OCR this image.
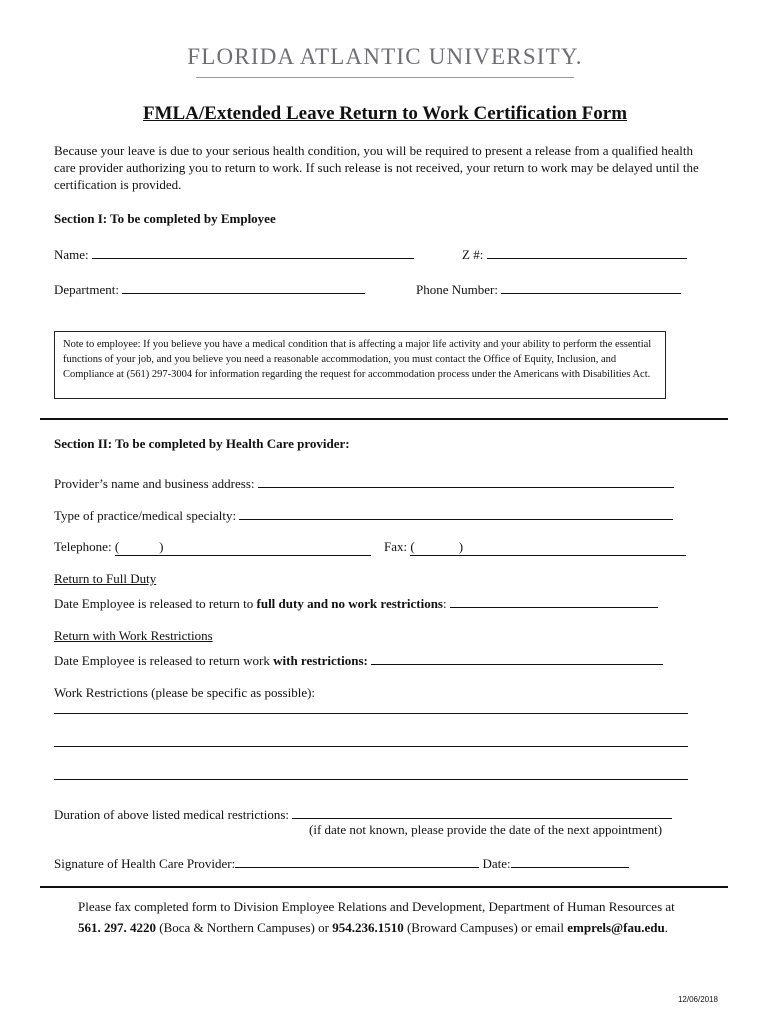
FLORIDA ATLANTIC UNIVERSITY.
FMLA/Extended Leave Return to Work Certification Form
Because your leave is due to your serious health condition, you will be required to present a release from a qualified health care provider authorizing you to return to work. If such release is not received, your return to work may be delayed until the certification is provided.
Section I: To be completed by Employee
Name:	Z #:
Department:	Phone Number:
Note to employee: If you believe you have a medical condition that is affecting a major life activity and your ability to perform the essential functions of your job, and you believe you need a reasonable accommodation, you must contact the Office of Equity, Inclusion, and Compliance at (561) 297-3004 for information regarding the request for accommodation process under the Americans with Disabilities Act.
Section II: To be completed by Health Care provider:
Provider’s name and business address:
Type of practice/medical specialty:
Telephone: (	)	Fax: (	)
Return to Full Duty
Date Employee is released to return to full duty and no work restrictions:
Return with Work Restrictions
Date Employee is released to return work with restrictions:
Work Restrictions (please be specific as possible):
Duration of above listed medical restrictions:
(if date not known, please provide the date of the next appointment)
Signature of Health Care Provider:	Date:
Please fax completed form to Division Employee Relations and Development, Department of Human Resources at
561. 297. 4220 (Boca & Northern Campuses) or 954.236.1510 (Broward Campuses) or email emprels@fau.edu.
12/06/2018
